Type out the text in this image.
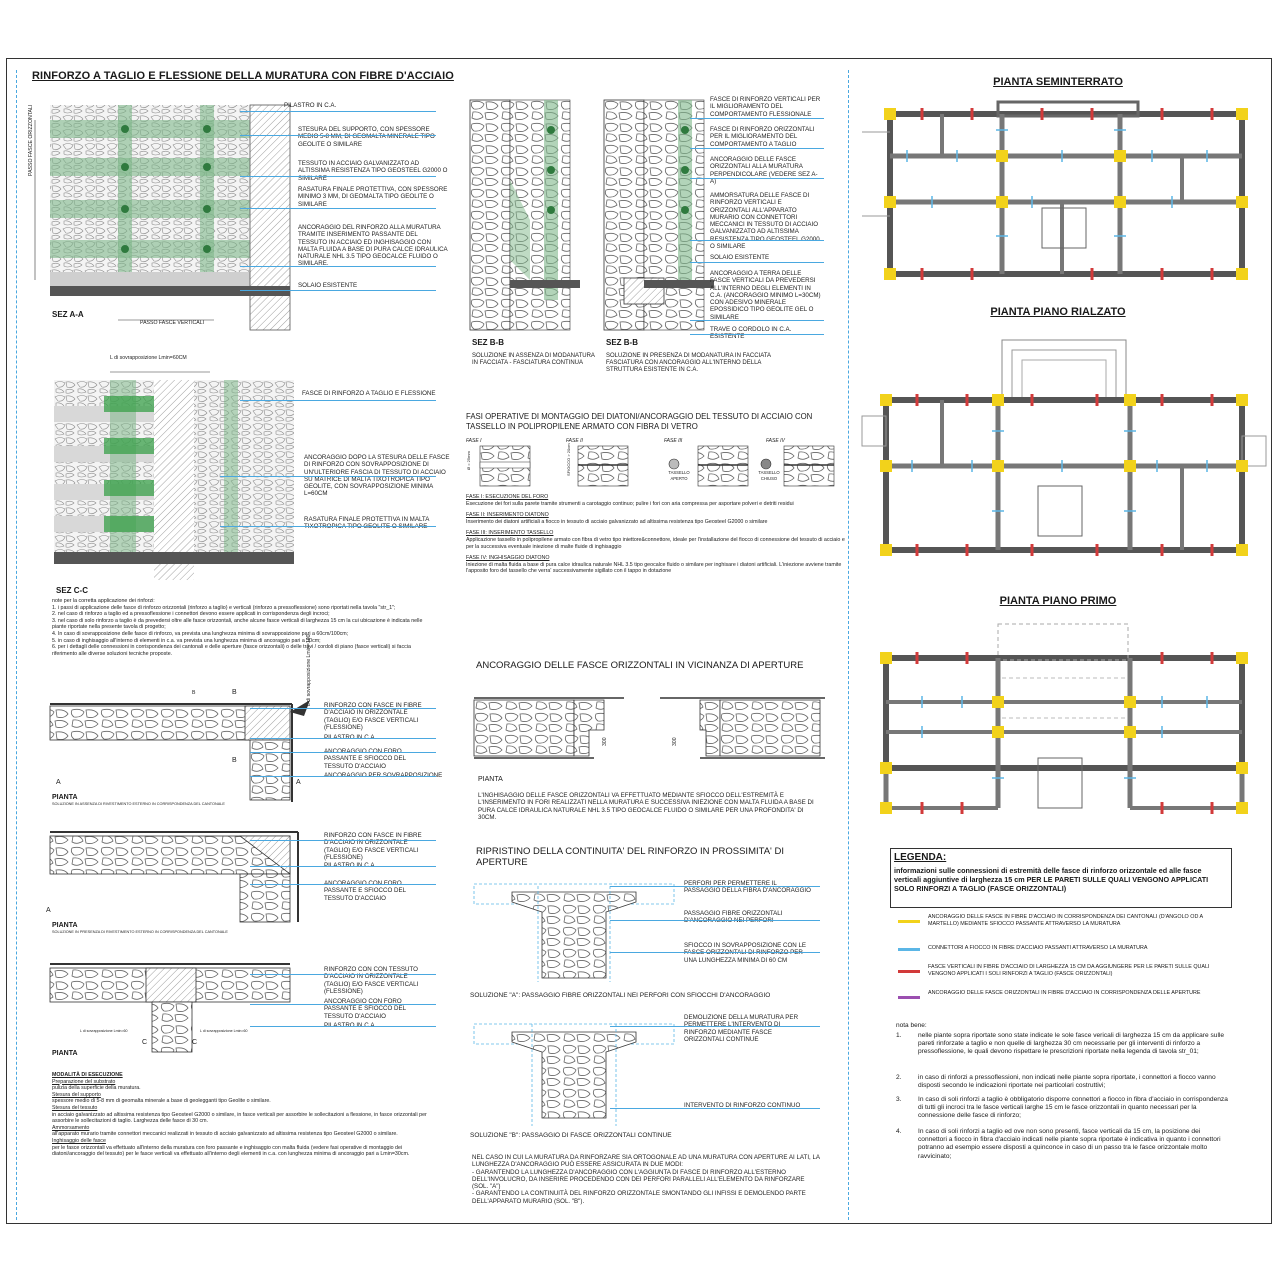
RINFORZO A TAGLIO E FLESSIONE DELLA MURATURA CON FIBRE D'ACCIAIO
PASSO FASCE ORIZZONTALI
PASSO FASCE VERTICALI
SEZ A-A
PILASTRO IN C.A.
STESURA DEL SUPPORTO, CON SPESSORE MEDIO 5-8 MM, DI GEOMALTA MINERALE TIPO GEOLITE O SIMILARE
TESSUTO IN ACCIAIO GALVANIZZATO AD ALTISSIMA RESISTENZA TIPO GEOSTEEL G2000 O SIMILARE
RASATURA FINALE PROTETTIVA, CON SPESSORE MINIMO 3 MM, DI GEOMALTA TIPO GEOLITE O SIMILARE
ANCORAGGIO DEL RINFORZO ALLA MURATURA TRAMITE INSERIMENTO PASSANTE DEL TESSUTO IN ACCIAIO ED INGHISAGGIO CON MALTA FLUIDA A BASE DI PURA CALCE IDRAULICA NATURALE NHL 3.5 TIPO GEOCALCE FLUIDO O SIMILARE.
SOLAIO ESISTENTE
SEZ B-B	SEZ B-B
SOLUZIONE IN ASSENZA DI MODANATURA IN FACCIATA - FASCIATURA CONTINUA
SOLUZIONE IN PRESENZA DI MODANATURA IN FACCIATA FASCIATURA CON ANCORAGGIO ALL'INTERNO DELLA STRUTTURA ESISTENTE IN C.A.
FASCE DI RINFORZO VERTICALI PER IL MIGLIORAMENTO DEL COMPORTAMENTO FLESSIONALE
FASCE DI RINFORZO ORIZZONTALI PER IL MIGLIORAMENTO DEL COMPORTAMENTO A TAGLIO
ANCORAGGIO DELLE FASCE ORIZZONTALI ALLA MURATURA PERPENDICOLARE (VEDERE SEZ A-A)
AMMORSATURA DELLE FASCE DI RINFORZO VERTICALI E ORIZZONTALI ALL'APPARATO MURARIO CON CONNETTORI MECCANICI IN TESSUTO DI ACCIAIO GALVANIZZATO AD ALTISSIMA RESISTENZA TIPO GEOSTEEL G2000 O SIMILARE
SOLAIO ESISTENTE
ANCORAGGIO A TERRA DELLE FASCE VERTICALI DA PREVEDERSI ALL'INTERNO DEGLI ELEMENTI IN C.A. (ANCORAGGIO MINIMO L=30CM) CON ADESIVO MINERALE EPOSSIDICO TIPO GEOLITE GEL O SIMILARE
TRAVE O CORDOLO IN C.A. ESISTENTE
L di sovrapposizione Lmin=60CM
SEZ C-C
FASCE DI RINFORZO A TAGLIO E FLESSIONE
ANCORAGGIO DOPO LA STESURA DELLE FASCE DI RINFORZO CON SOVRAPPOSIZIONE DI UN'ULTERIORE FASCIA DI TESSUTO DI ACCIAIO SU MATRICE DI MALTA TIXOTROPICA TIPO GEOLITE, CON SOVRAPPOSIZIONE MINIMA L=60CM
RASATURA FINALE PROTETTIVA IN MALTA TIXOTROPICA TIPO GEOLITE O SIMILARE
note per la corretta applicazione dei rinforzi:
1. i passi di applicazione delle fasce di rinforzo orizzontali (rinforzo a taglio) e verticali (rinforzo a pressoflessione) sono riportati nella tavola "str_1";
2. nel caso di rinforzo a taglio ed a pressoflessione i connettori devono essere applicati in corrispondenza degli incroci;
3. nel caso di solo rinforzo a taglio è da prevedersi oltre alle fasce orizzontali, anche alcune fasce verticali di larghezza 15 cm la cui ubicazione è indicata nelle piante riportate nella presente tavola di progetto;
4. In caso di sovrapposizione delle fasce di rinforzo, va prevista una lunghezza minima di sovrapposizione pari a 60cm/100cm;
5. in caso di inghisaggio all'interno di elementi in c.a. va prevista una lunghezza minima di ancoraggio pari a 30cm;
6. per i dettagli delle connessioni in corrispondenza dei cantonali e delle aperture (fasce orizzontali) o delle travi / cordoli di piano (fasce verticali) si faccia riferimento alle diverse soluzioni tecniche proposte.
B	B
B
A	A
L di sovrapposizione Lmin=100
PIANTA
SOLUZIONE IN ASSENZA DI RIVESTIMENTO ESTERNO IN CORRISPONDENZA DEL CANTONALE
RINFORZO CON FASCE IN FIBRE D'ACCIAIO IN ORIZZONTALE (TAGLIO) E/O FASCE VERTICALI (FLESSIONE)
PILASTRO IN C.A.
ANCORAGGIO CON FORO PASSANTE E SFIOCCO DEL TESSUTO D'ACCIAIO
ANCORAGGIO PER SOVRAPPOSIZIONE
A
PIANTA
SOLUZIONE IN PRESENZA DI RIVESTIMENTO ESTERNO IN CORRISPONDENZA DEL CANTONALE
RINFORZO CON FASCE IN FIBRE D'ACCIAIO IN ORIZZONTALE (TAGLIO) E/O FASCE VERTICALI (FLESSIONE)
PILASTRO IN C.A.
ANCORAGGIO CON FORO PASSANTE E SFIOCCO DEL TESSUTO D'ACCIAIO
L di sovrapposizione Lmin=60	L di sovrapposizione Lmin=60
C	C
PIANTA
RINFORZO CON CON TESSUTO D'ACCIAIO IN ORIZZONTALE (TAGLIO) E/O FASCE VERTICALI (FLESSIONE)
ANCORAGGIO CON FORO PASSANTE E SFIOCCO DEL TESSUTO D'ACCIAIO
PILASTRO IN C.A.
MODALITÀ DI ESECUZIONE
Preparazione del substrato
pulizia della superficie della muratura.
Stesura del supporto
spessore medio di 5-8 mm di geomalta minerale a base di geolegganti tipo Geolite o similare.
Stesura del tessuto
in acciaio galvanizzato ad altissima resistenza tipo Geosteel G2000 o similare, in fasce verticali per assorbire le sollecitazioni a flessione, in fasce orizzontali per assorbire le sollecitazioni di taglio. Larghezza delle fasce di 30 cm.
Ammorsamento
all'apparato murario tramite connettori meccanici realizzati in tessuto di acciaio galvanizzato ad altissima resistenza tipo Geosteel G2000 o similare.
Inghisaggio delle fasce
per le fasce orizzontali va effettuato all'interno della muratura con foro passante e inghisaggio con malta fluida (vedere fasi operative di montaggio dei diatoni/ancoraggio del tessuto) per le fasce verticali va effettuato all'interno degli elementi in c.a. con lunghezza minima di ancoraggio pari a Lmin=30cm.
FASI OPERATIVE DI MONTAGGIO DEI DIATONI/ANCORAGGIO DEL TESSUTO DI ACCIAIO CON TASSELLO IN POLIPROPILENE ARMATO CON FIBRA DI VETRO
FASE I	FASE II	FASE III	FASE IV
TASSELLO APERTO
TASSELLO CHIUSO
Ø = 25mm	SFIOCCO > 20cm
FASE I: ESECUZIONE DEL FORO
Esecuzione dei fori sulla parete tramite strumenti a carotaggio continuo; pulire i fori con aria compressa per asportare polveri e detriti residui
FASE II: INSERIMENTO DIATONO
Inserimento dei diatoni artificiali a fiocco in tessuto di acciaio galvanizzato ad altissima resistenza tipo Geosteel G2000 o similare
FASE III: INSERIMENTO TASSELLO
Applicazione tassello in polipropilene armato con fibra di vetro tipo iniettore&connettore, ideale per l'installazione del fiocco di connessione del tessuto di acciaio e per la successiva eventuale iniezione di malte fluide di inghisaggio
FASE IV: INGHISAGGIO DIATONO
Iniezione di malta fluida a base di pura calce idraulica naturale NHL 3.5 tipo geocalce fluido o similare per inghisare i diatoni artificiali. L'iniezione avviene tramite l'apposito foro del tassello che verra' successivamente sigillato con il tappo in dotazione
ANCORAGGIO DELLE FASCE ORIZZONTALI IN VICINANZA DI APERTURE
300	300
PIANTA
L'INGHISAGGIO DELLE FASCE ORIZZONTALI VA EFFETTUATO MEDIANTE SFIOCCO DELL'ESTREMITÀ E L'INSERIMENTO IN FORI REALIZZATI NELLA MURATURA E SUCCESSIVA INIEZIONE CON MALTA FLUIDA A BASE DI PURA CALCE IDRAULICA NATURALE NHL 3.5 TIPO GEOCALCE FLUIDO O SIMILARE PER UNA PROFONDITA' DI 30CM.
RIPRISTINO DELLA CONTINUITA' DEL RINFORZO IN PROSSIMITA' DI APERTURE
PERFORI PER PERMETTERE IL PASSAGGIO DELLA FIBRA D'ANCORAGGIO
PASSAGGIO FIBRE ORIZZONTALI D'ANCORAGGIO NEI PERFORI
SFIOCCO IN SOVRAPPOSIZIONE CON LE FASCE ORIZZONTALI DI RINFORZO PER UNA LUNGHEZZA MINIMA DI 60 CM
SOLUZIONE "A": PASSAGGIO FIBRE ORIZZONTALI NEI PERFORI CON SFIOCCHI D'ANCORAGGIO
DEMOLIZIONE DELLA MURATURA PER PERMETTERE L'INTERVENTO DI RINFORZO MEDIANTE FASCE ORIZZONTALI CONTINUE
INTERVENTO DI RINFORZO CONTINUO
SOLUZIONE "B": PASSAGGIO DI FASCE ORIZZONTALI CONTINUE
NEL CASO IN CUI LA MURATURA DA RINFORZARE SIA ORTOGONALE AD UNA MURATURA CON APERTURE AI LATI, LA LUNGHEZZA D'ANCORAGGIO PUÒ ESSERE ASSICURATA IN DUE MODI:
- GARANTENDO LA LUNGHEZZA D'ANCORAGGIO CON L'AGGIUNTA DI FASCE DI RINFORZO ALL'ESTERNO DELL'INVOLUCRO, DA INSERIRE PROCEDENDO CON DEI PERFORI PARALLELI ALL'ELEMENTO DA RINFORZARE (SOL. "A")
- GARANTENDO LA CONTINUITÀ DEL RINFORZO ORIZZONTALE SMONTANDO GLI INFISSI E DEMOLENDO PARTE DELL'APPARATO MURARIO (SOL. "B").
PIANTA SEMINTERRATO
PIANTA PIANO RIALZATO
PIANTA PIANO PRIMO
LEGENDA:
informazioni sulle connessioni di estremità delle fasce di rinforzo orizzontale ed alle fasce verticali aggiuntive di larghezza 15 cm PER LE PARETI SULLE QUALI VENGONO APPLICATI SOLO RINFORZI A TAGLIO (FASCE ORIZZONTALI)
ANCORAGGIO DELLE FASCE IN FIBRE D'ACCIAIO IN CORRISPONDENZA DEI CANTONALI (D'ANGOLO OD A MARTELLO) MEDIANTE SFIOCCO PASSANTE ATTRAVERSO LA MURATURA
CONNETTORI A FIOCCO IN FIBRE D'ACCIAIO PASSANTI ATTRAVERSO LA MURATURA
FASCE VERTICALI IN FIBRE D'ACCIAIO DI LARGHEZZA 15 CM DA AGGIUNGERE PER LE PARETI SULLE QUALI VENGONO APPLICATI I SOLI RINFORZI A TAGLIO (FASCE ORIZZONTALI)
ANCORAGGIO DELLE FASCE ORIZZONTALI IN FIBRE D'ACCIAIO IN CORRISPONDENZA DELLE APERTURE
nota bene:
1.	nelle piante sopra riportate sono state indicate le sole fasce vericali di larghezza 15 cm da applicare sulle pareti rinforzate a taglio e non quelle di larghezza 30 cm necessarie per gli interventi di rinforzo a pressoflessione, le quali devono rispettare le prescrizioni riportate nella legenda di tavola str_01;
2.	in caso di rinforzi a pressoflessioni, non indicati nelle piante sopra riportate, i connettori a fiocco vanno disposti secondo le indicazioni riportate nei particolari costruttivi;
3.	In caso di soli rinforzi a taglio è obbligatorio disporre connettori a fiocco in fibra d'acciaio in corrispondenza di tutti gli incroci tra le fasce verticali larghe 15 cm le fasce orizzontali in quanto necessari per la connessione delle fasce di rinforzo;
4.	In caso di soli rinforzi a taglio ed ove non sono presenti, fasce verticali da 15 cm, la posizione dei connettori a fiocco in fibra d'acciaio indicati nelle piante sopra riportate è indicativa in quanto i connettori potranno ad esempio essere disposti a quinconce in caso di un passo tra le fasce orizzontale molto ravvicinato;
